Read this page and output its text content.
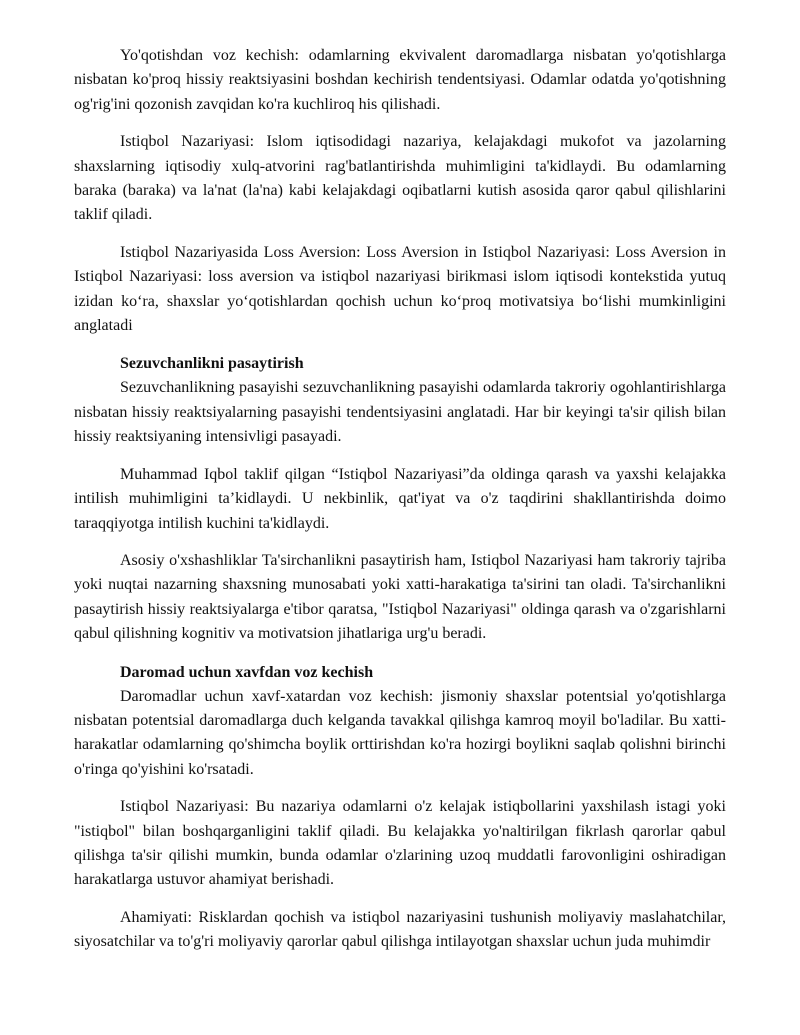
Yo'qotishdan voz kechish: odamlarning ekvivalent daromadlarga nisbatan yo'qotishlarga nisbatan ko'proq hissiy reaktsiyasini boshdan kechirish tendentsiyasi. Odamlar odatda yo'qotishning og'rig'ini qozonish zavqidan ko'ra kuchliroq his qilishadi.

Istiqbol Nazariyasi: Islom iqtisodidagi nazariya, kelajakdagi mukofot va jazolarning shaxslarning iqtisodiy xulq-atvorini rag'batlantirishda muhimligini ta'kidlaydi. Bu odamlarning baraka (baraka) va la'nat (la'na) kabi kelajakdagi oqibatlarni kutish asosida qaror qabul qilishlarini taklif qiladi.

Istiqbol Nazariyasida Loss Aversion: Loss Aversion in Istiqbol Nazariyasi: Loss Aversion in Istiqbol Nazariyasi: loss aversion va istiqbol nazariyasi birikmasi islom iqtisodi kontekstida yutuq izidan ko‘ra, shaxslar yo‘qotishlardan qochish uchun ko‘proq motivatsiya bo‘lishi mumkinligini anglatadi

Sezuvchanlikni pasaytirish

Sezuvchanlikning pasayishi sezuvchanlikning pasayishi odamlarda takroriy ogohlantirishlarga nisbatan hissiy reaktsiyalarning pasayishi tendentsiyasini anglatadi. Har bir keyingi ta'sir qilish bilan hissiy reaktsiyaning intensivligi pasayadi.

Muhammad Iqbol taklif qilgan “Istiqbol Nazariyasi”da oldinga qarash va yaxshi kelajakka intilish muhimligini ta’kidlaydi. U nekbinlik, qat'iyat va o'z taqdirini shakllantirishda doimo taraqqiyotga intilish kuchini ta'kidlaydi.

Asosiy o'xshashliklar Ta'sirchanlikni pasaytirish ham, Istiqbol Nazariyasi ham takroriy tajriba yoki nuqtai nazarning shaxsning munosabati yoki xatti-harakatiga ta'sirini tan oladi. Ta'sirchanlikni pasaytirish hissiy reaktsiyalarga e'tibor qaratsa, "Istiqbol Nazariyasi" oldinga qarash va o'zgarishlarni qabul qilishning kognitiv va motivatsion jihatlariga urg'u beradi.

Daromad uchun xavfdan voz kechish

Daromadlar uchun xavf-xatardan voz kechish: jismoniy shaxslar potentsial yo'qotishlarga nisbatan potentsial daromadlarga duch kelganda tavakkal qilishga kamroq moyil bo'ladilar. Bu xatti-harakatlar odamlarning qo'shimcha boylik orttirishdan ko'ra hozirgi boylikni saqlab qolishni birinchi o'ringa qo'yishini ko'rsatadi.

Istiqbol Nazariyasi: Bu nazariya odamlarni o'z kelajak istiqbollarini yaxshilash istagi yoki "istiqbol" bilan boshqarganligini taklif qiladi. Bu kelajakka yo'naltirilgan fikrlash qarorlar qabul qilishga ta'sir qilishi mumkin, bunda odamlar o'zlarining uzoq muddatli farovonligini oshiradigan harakatlarga ustuvor ahamiyat berishadi.

Ahamiyati: Risklardan qochish va istiqbol nazariyasini tushunish moliyaviy maslahatchilar, siyosatchilar va to'g'ri moliyaviy qarorlar qabul qilishga intilayotgan shaxslar uchun juda muhimdir
